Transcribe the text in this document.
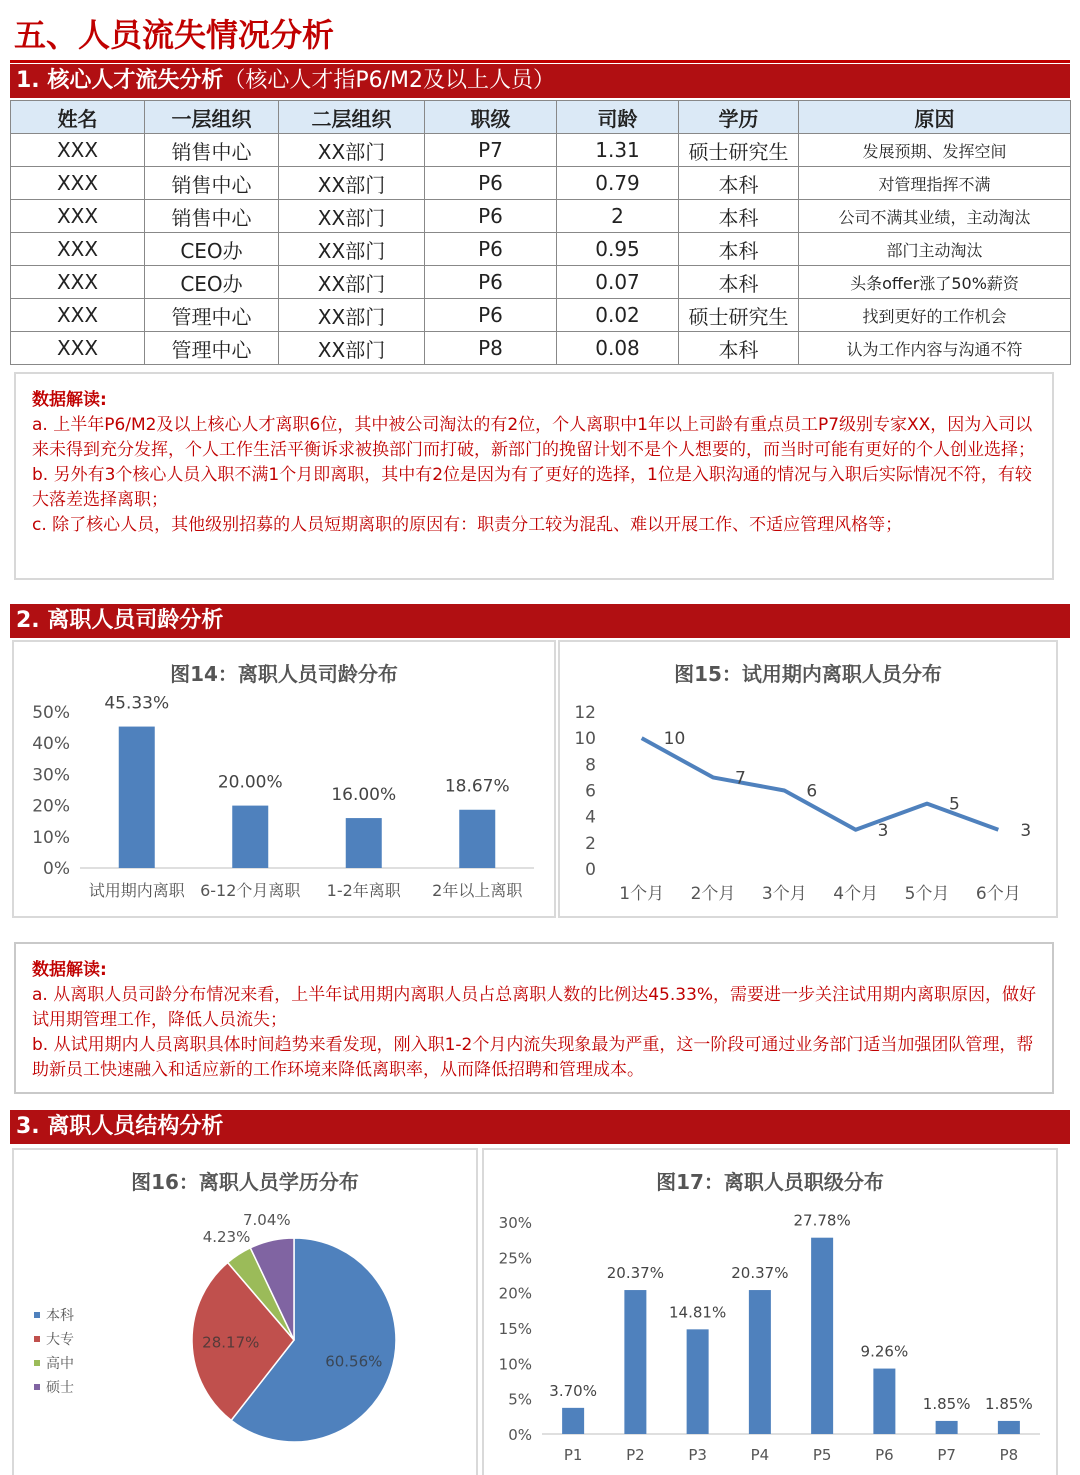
五、人员流失情况分析
1. 核心人才流失分析（核心人才指P6/M2及以上人员）
姓名	一层组织	二层组织	职级	司龄	学历	原因
XXX	销售中心	XX部门	P7	1.31	硕士研究生	发展预期、发挥空间
XXX	销售中心	XX部门	P6	0.79	本科	对管理指挥不满
XXX	销售中心	XX部门	P6	2	本科	公司不满其业绩，主动淘汰
XXX	CEO办	XX部门	P6	0.95	本科	部门主动淘汰
XXX	CEO办	XX部门	P6	0.07	本科	头条offer涨了50%薪资
XXX	管理中心	XX部门	P6	0.02	硕士研究生	找到更好的工作机会
XXX	管理中心	XX部门	P8	0.08	本科	认为工作内容与沟通不符
数据解读:
a. 上半年P6/M2及以上核心人才离职6位，其中被公司淘汰的有2位，个人离职中1年以上司龄有重点员工P7级别专家XX，因为入司以来未得到充分发挥，个人工作生活平衡诉求被换部门而打破，新部门的挽留计划不是个人想要的，而当时可能有更好的个人创业选择；
b. 另外有3个核心人员入职不满1个月即离职，其中有2位是因为有了更好的选择，1位是入职沟通的情况与入职后实际情况不符，有较大落差选择离职；
c. 除了核心人员，其他级别招募的人员短期离职的原因有：职责分工较为混乱、难以开展工作、不适应管理风格等；
2. 离职人员司龄分析
图14：离职人员司龄分布
0%
10%
20%
30%
40%
50% 45.33%
试用期内离职
20.00%
6-12个月离职
16.00%
1-2年离职
18.67%
2年以上离职
图15：试用期内离职人员分布
0
2
4
6
8
10
12
10
1个月
7
2个月
6
3个月
3
4个月
5
5个月
3
6个月
数据解读:
a. 从离职人员司龄分布情况来看，上半年试用期内离职人员占总离职人数的比例达45.33%，需要进一步关注试用期内离职原因，做好试用期管理工作，降低人员流失；
b. 从试用期内人员离职具体时间趋势来看发现，刚入职1-2个月内流失现象最为严重，这一阶段可通过业务部门适当加强团队管理，帮助新员工快速融入和适应新的工作环境来降低离职率，从而降低招聘和管理成本。
3. 离职人员结构分析
图16：离职人员学历分布
60.56%
28.17%
4.23%
7.04%
本科
大专
高中
硕士
图17：离职人员职级分布
0%
5%
10%
15%
20%
25%
30%
3.70%
P1
20.37%
P2
14.81%
P3
20.37%
P4
27.78%
P5
9.26%
P6
1.85%
P7
1.85%
P8
